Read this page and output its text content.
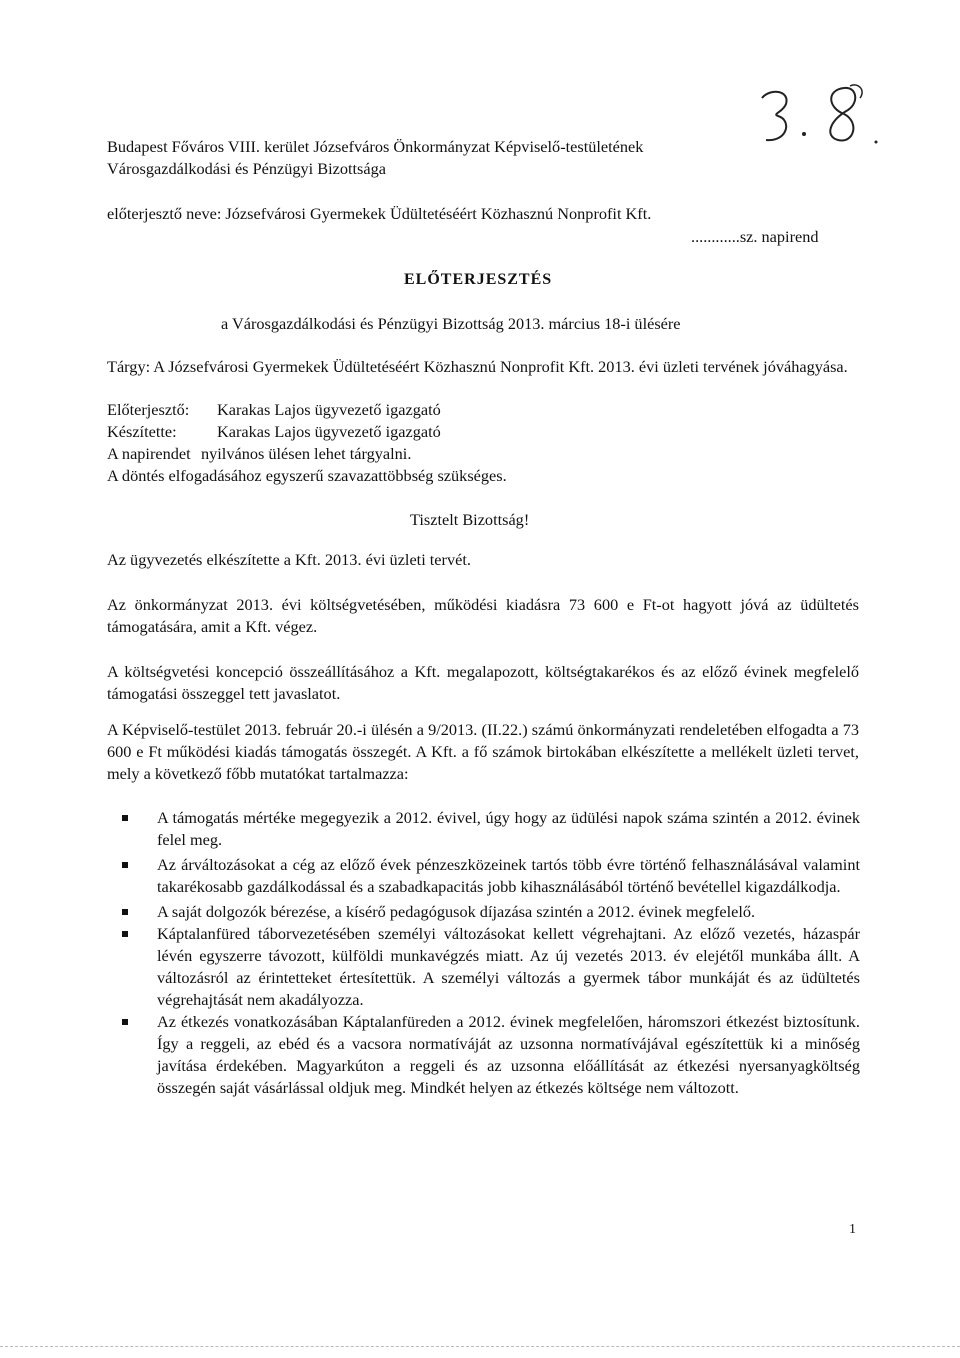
Budapest Főváros VIII. kerület Józsefváros Önkormányzat Képviselő-testületének

Városgazdálkodási és Pénzügyi Bizottsága

előterjesztő neve: Józsefvárosi Gyermekek Üdültetéséért Közhasznú Nonprofit Kft.

............sz. napirend

ELŐTERJESZTÉS

a Városgazdálkodási és Pénzügyi Bizottság 2013. március 18-i ülésére

Tárgy: A Józsefvárosi Gyermekek Üdültetéséért Közhasznú Nonprofit Kft. 2013. évi üzleti tervének jóváhagyása.

Előterjesztő: Karakas Lajos ügyvezető igazgató

Készítette: Karakas Lajos ügyvezető igazgató

A napirendet nyilvános ülésen lehet tárgyalni.

A döntés elfogadásához egyszerű szavazattöbbség szükséges.

Tisztelt Bizottság!

Az ügyvezetés elkészítette a Kft. 2013. évi üzleti tervét.

Az önkormányzat 2013. évi költségvetésében, működési kiadásra 73 600 e Ft-ot hagyott jóvá az üdültetés támogatására, amit a Kft. végez.

A költségvetési koncepció összeállításához a Kft. megalapozott, költségtakarékos és az előző évinek megfelelő támogatási összeggel tett javaslatot.

A Képviselő-testület 2013. február 20.-i ülésén a 9/2013. (II.22.) számú önkormányzati rendeletében elfogadta a 73 600 e Ft működési kiadás támogatás összegét. A Kft. a fő számok birtokában elkészítette a mellékelt üzleti tervet, mely a következő főbb mutatókat tartalmazza:

A támogatás mértéke megegyezik a 2012. évivel, úgy hogy az üdülési napok száma szintén a 2012. évinek felel meg.
Az árváltozásokat a cég az előző évek pénzeszközeinek tartós több évre történő felhasználásával valamint takarékosabb gazdálkodással és a szabadkapacitás jobb kihasználásából történő bevétellel kigazdálkodja.
A saját dolgozók bérezése, a kísérő pedagógusok díjazása szintén a 2012. évinek megfelelő.
Káptalanfüred táborvezetésében személyi változásokat kellett végrehajtani. Az előző vezetés, házaspár lévén egyszerre távozott, külföldi munkavégzés miatt. Az új vezetés 2013. év elejétől munkába állt. A változásról az érintetteket értesítettük. A személyi változás a gyermek tábor munkáját és az üdültetés végrehajtását nem akadályozza.
Az étkezés vonatkozásában Káptalanfüreden a 2012. évinek megfelelően, háromszori étkezést biztosítunk. Így a reggeli, az ebéd és a vacsora normatíváját az uzsonna normatívájával egészítettük ki a minőség javítása érdekében. Magyarkúton a reggeli és az uzsonna előállítását az étkezési nyersanyagköltség összegén saját vásárlással oldjuk meg. Mindkét helyen az étkezés költsége nem változott.
1
